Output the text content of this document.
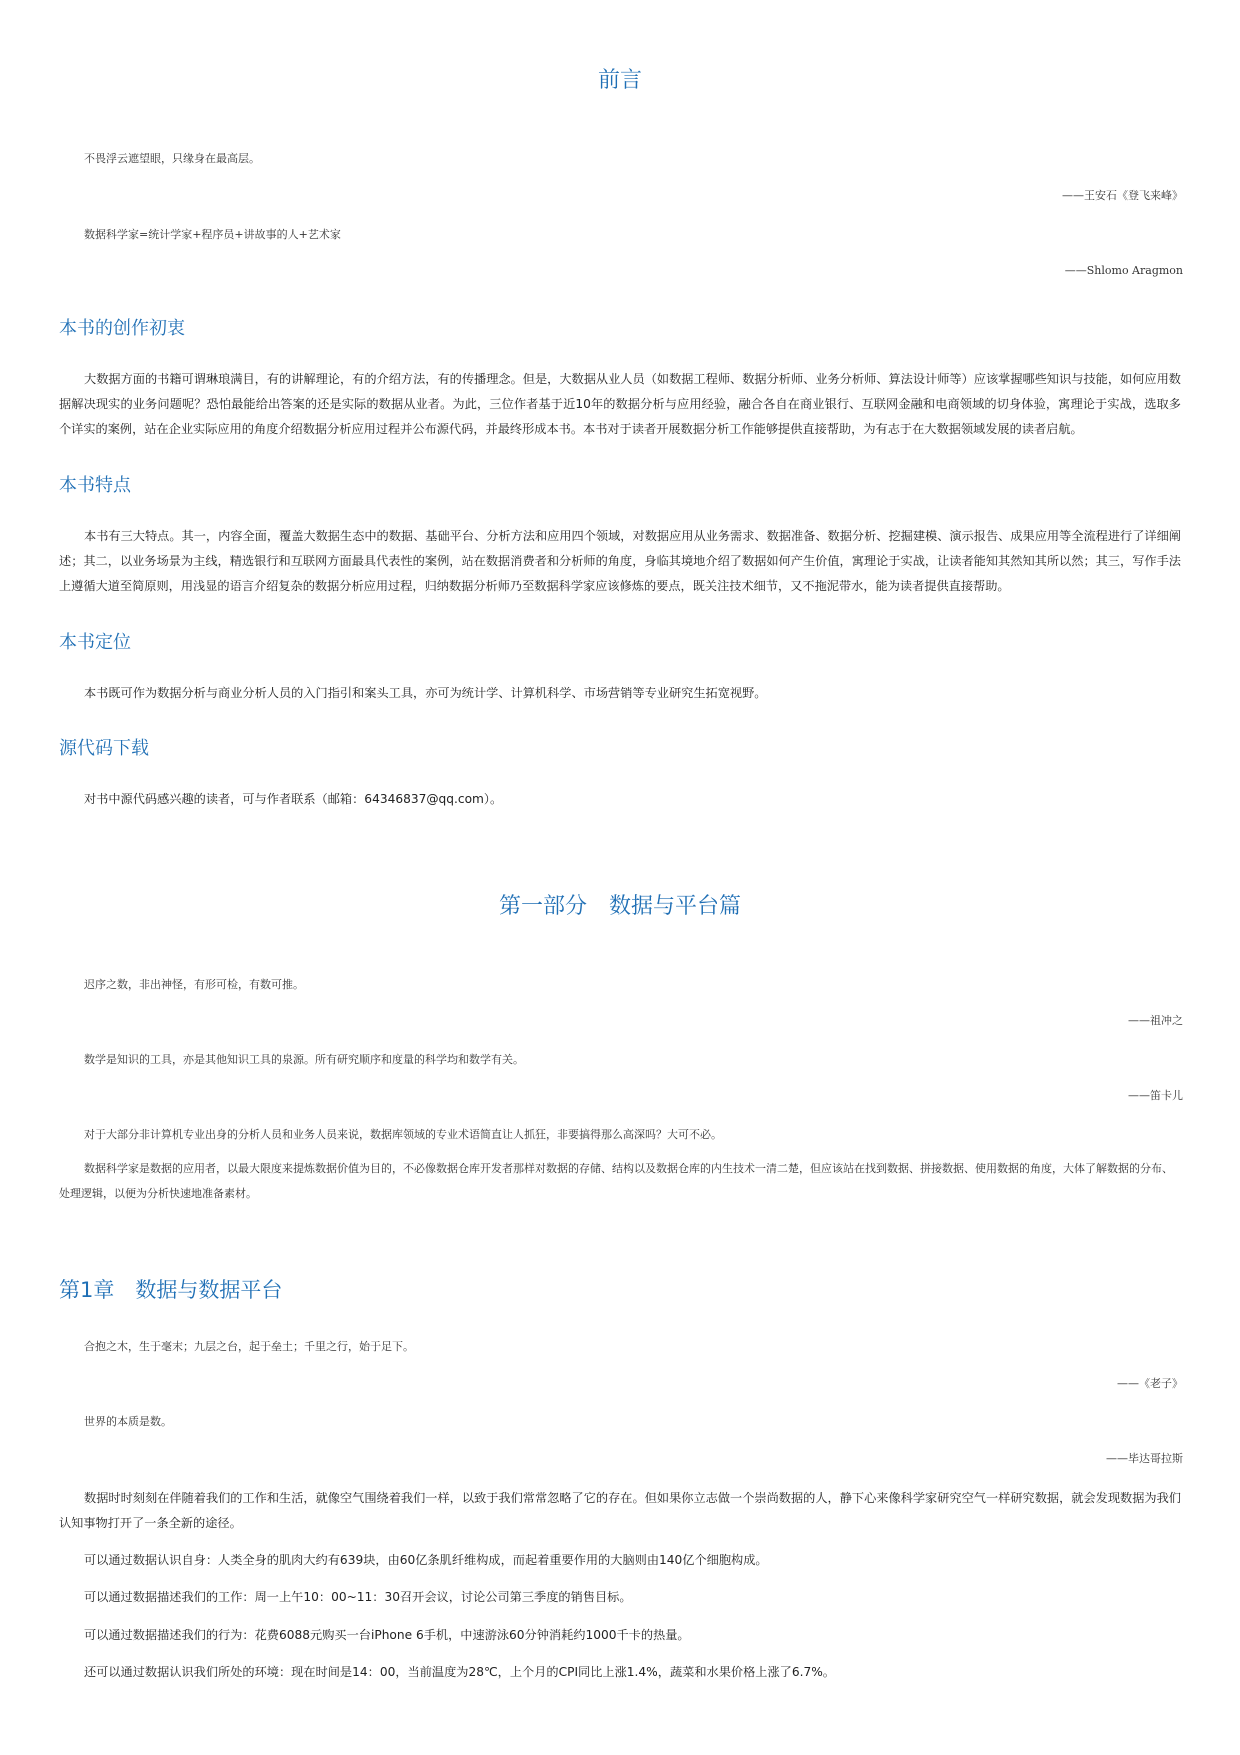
前言
不畏浮云遮望眼，只缘身在最高层。
——王安石《登飞来峰》
数据科学家=统计学家+程序员+讲故事的人+艺术家
——Shlomo Aragmon
本书的创作初衷
大数据方面的书籍可谓琳琅满目，有的讲解理论，有的介绍方法，有的传播理念。但是，大数据从业人员（如数据工程师、数据分析师、业务分析师、算法设计师等）应该掌握哪些知识与技能，如何应用数据解决现实的业务问题呢？恐怕最能给出答案的还是实际的数据从业者。为此，三位作者基于近10年的数据分析与应用经验，融合各自在商业银行、互联网金融和电商领域的切身体验，寓理论于实战，选取多个详实的案例，站在企业实际应用的角度介绍数据分析应用过程并公布源代码，并最终形成本书。本书对于读者开展数据分析工作能够提供直接帮助，为有志于在大数据领域发展的读者启航。
本书特点
本书有三大特点。其一，内容全面，覆盖大数据生态中的数据、基础平台、分析方法和应用四个领域，对数据应用从业务需求、数据准备、数据分析、挖掘建模、演示报告、成果应用等全流程进行了详细阐述；其二，以业务场景为主线，精选银行和互联网方面最具代表性的案例，站在数据消费者和分析师的角度，身临其境地介绍了数据如何产生价值，寓理论于实战，让读者能知其然知其所以然；其三，写作手法上遵循大道至简原则，用浅显的语言介绍复杂的数据分析应用过程，归纳数据分析师乃至数据科学家应该修炼的要点，既关注技术细节，又不拖泥带水，能为读者提供直接帮助。
本书定位
本书既可作为数据分析与商业分析人员的入门指引和案头工具，亦可为统计学、计算机科学、市场营销等专业研究生拓宽视野。
源代码下载
对书中源代码感兴趣的读者，可与作者联系（邮箱：64346837@qq.com）。
第一部分　数据与平台篇
迟序之数，非出神怪，有形可检，有数可推。
——祖冲之
数学是知识的工具，亦是其他知识工具的泉源。所有研究顺序和度量的科学均和数学有关。
——笛卡儿
对于大部分非计算机专业出身的分析人员和业务人员来说，数据库领域的专业术语简直让人抓狂，非要搞得那么高深吗？大可不必。
数据科学家是数据的应用者，以最大限度来提炼数据价值为目的，不必像数据仓库开发者那样对数据的存储、结构以及数据仓库的内生技术一清二楚，但应该站在找到数据、拼接数据、使用数据的角度，大体了解数据的分布、处理逻辑，以便为分析快速地准备素材。
第1章　数据与数据平台
合抱之木，生于毫末；九层之台，起于垒土；千里之行，始于足下。
——《老子》
世界的本质是数。
——毕达哥拉斯
数据时时刻刻在伴随着我们的工作和生活，就像空气围绕着我们一样，以致于我们常常忽略了它的存在。但如果你立志做一个崇尚数据的人，静下心来像科学家研究空气一样研究数据，就会发现数据为我们认知事物打开了一条全新的途径。
可以通过数据认识自身：人类全身的肌肉大约有639块，由60亿条肌纤维构成，而起着重要作用的大脑则由140亿个细胞构成。
可以通过数据描述我们的工作：周一上午10：00~11：30召开会议，讨论公司第三季度的销售目标。
可以通过数据描述我们的行为：花费6088元购买一台iPhone 6手机，中速游泳60分钟消耗约1000千卡的热量。
还可以通过数据认识我们所处的环境：现在时间是14：00，当前温度为28℃，上个月的CPI同比上涨1.4%，蔬菜和水果价格上涨了6.7%。
